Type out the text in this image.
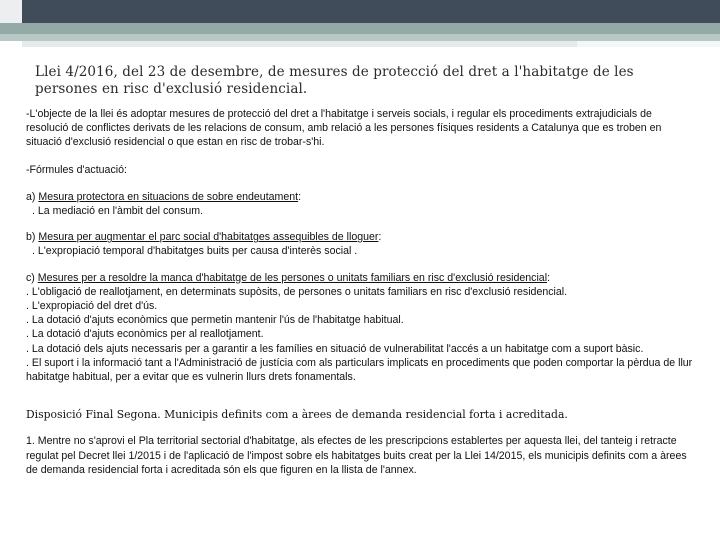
Llei 4/2016, del 23 de desembre, de mesures de protecció del dret a l'habitatge de les persones en risc d'exclusió residencial.

-L'objecte de la llei és adoptar mesures de protecció del dret a l'habitatge i serveis socials, i regular els procediments extrajudicials de resolució de conflictes derivats de les relacions de consum, amb relació a les persones físiques residents a Catalunya que es troben en situació d'exclusió residencial o que estan en risc de trobar-s'hi.

-Fórmules d'actuació:

a) Mesura protectora en situacions de sobre endeutament:

. La mediació en l'àmbit del consum.

b) Mesura per augmentar el parc social d'habitatges assequibles de lloguer:

. L'expropiació temporal d'habitatges buits per causa d'interès social .

c) Mesures per a resoldre la manca d'habitatge de les persones o unitats familiars en risc d'exclusió residencial:

. L'obligació de reallotjament, en determinats supòsits, de persones o unitats familiars en risc d'exclusió residencial.

. L'expropiació del dret d'ús.

. La dotació d'ajuts econòmics que permetin mantenir l'ús de l'habitatge habitual.

. La dotació d'ajuts econòmics per al reallotjament.

. La dotació dels ajuts necessaris per a garantir a les famílies en situació de vulnerabilitat l'accés a un habitatge com a suport bàsic.

. El suport i la informació tant a l'Administració de justícia com als particulars implicats en procediments que poden comportar la pèrdua de llur habitatge habitual, per a evitar que es vulnerin llurs drets fonamentals.

Disposició Final Segona. Municipis definits com a àrees de demanda residencial forta i acreditada.

1. Mentre no s'aprovi el Pla territorial sectorial d'habitatge, als efectes de les prescripcions establertes per aquesta llei, del tanteig i retracte regulat pel Decret llei 1/2015 i de l'aplicació de l'impost sobre els habitatges buits creat per la Llei 14/2015, els municipis definits com a àrees de demanda residencial forta i acreditada són els que figuren en la llista de l'annex.
